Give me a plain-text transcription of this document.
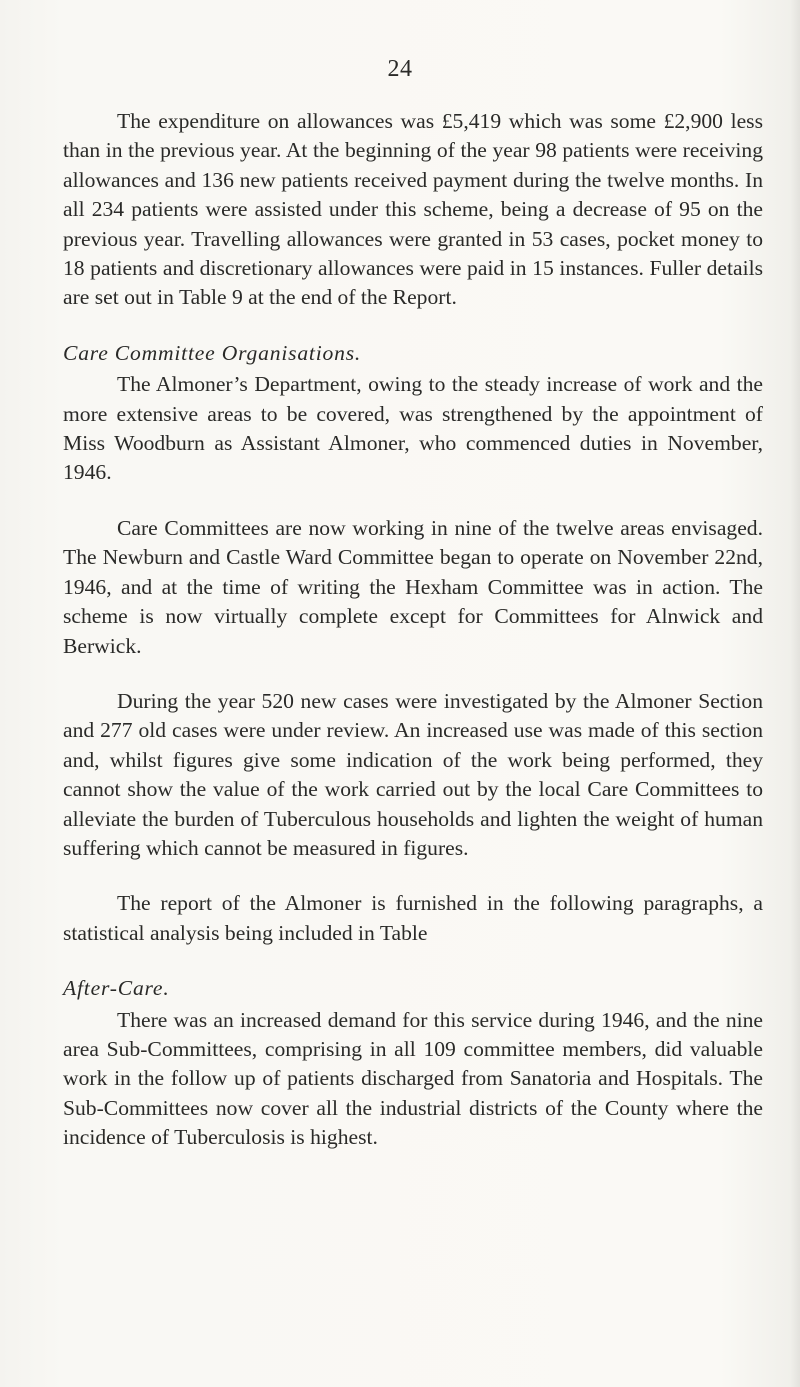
24

The expenditure on allowances was £5,419 which was some £2,900 less than in the previous year. At the beginning of the year 98 patients were receiving allowances and 136 new patients received payment during the twelve months. In all 234 patients were assisted under this scheme, being a decrease of 95 on the previous year. Travelling allowances were granted in 53 cases, pocket money to 18 patients and discretionary allowances were paid in 15 instances. Fuller details are set out in Table 9 at the end of the Report.

Care Committee Organisations.

The Almoner’s Department, owing to the steady increase of work and the more extensive areas to be covered, was strengthened by the appointment of Miss Woodburn as Assistant Almoner, who commenced duties in November, 1946.

Care Committees are now working in nine of the twelve areas envisaged. The Newburn and Castle Ward Committee began to operate on November 22nd, 1946, and at the time of writing the Hexham Committee was in action. The scheme is now virtually complete except for Committees for Alnwick and Berwick.

During the year 520 new cases were investigated by the Almoner Section and 277 old cases were under review. An increased use was made of this section and, whilst figures give some indication of the work being performed, they cannot show the value of the work carried out by the local Care Committees to alleviate the burden of Tuberculous households and lighten the weight of human suffering which cannot be measured in figures.

The report of the Almoner is furnished in the following paragraphs, a statistical analysis being included in Table

After-Care.

There was an increased demand for this service during 1946, and the nine area Sub-Committees, comprising in all 109 committee members, did valuable work in the follow up of patients discharged from Sanatoria and Hospitals. The Sub-Committees now cover all the industrial districts of the County where the incidence of Tuberculosis is highest.
